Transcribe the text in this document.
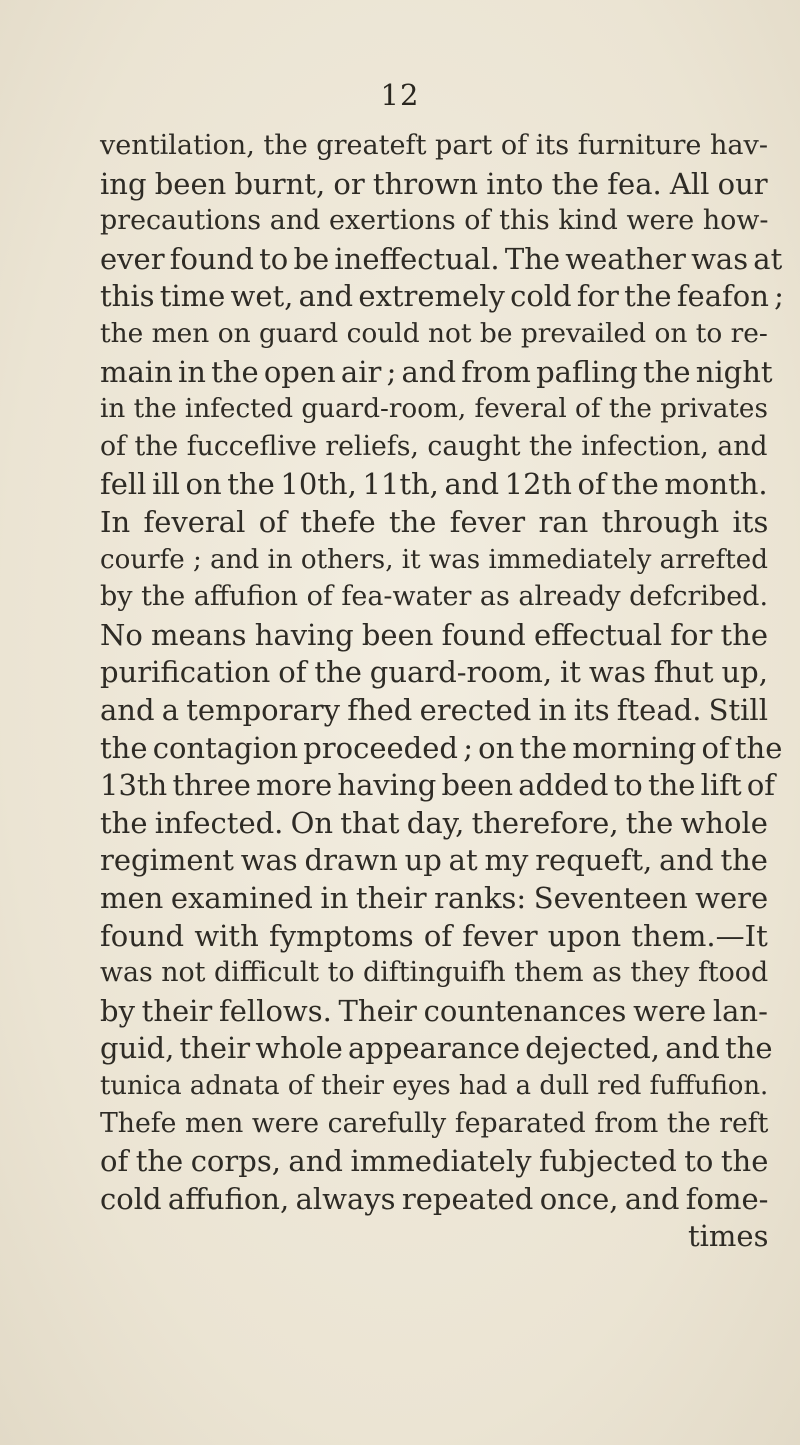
12
ventilation, the greateft part of its furniture hav-
ing been burnt, or thrown into the fea. All our
precautions and exertions of this kind were how-
ever found to be ineffectual. The weather was at
this time wet, and extremely cold for the feafon ;
the men on guard could not be prevailed on to re-
main in the open air ; and from pafling the night
in the infected guard-room, feveral of the privates
of the fucceflive reliefs, caught the infection, and
fell ill on the 10th, 11th, and 12th of the month.
In feveral of thefe the fever ran through its
courfe ; and in others, it was immediately arrefted
by the affufion of fea-water as already defcribed.
No means having been found effectual for the
purification of the guard-room, it was fhut up,
and a temporary fhed erected in its ftead. Still
the contagion proceeded ; on the morning of the
13th three more having been added to the lift of
the infected. On that day, therefore, the whole
regiment was drawn up at my requeft, and the
men examined in their ranks: Seventeen were
found with fymptoms of fever upon them.—It
was not difficult to diftinguifh them as they ftood
by their fellows. Their countenances were lan-
guid, their whole appearance dejected, and the
tunica adnata of their eyes had a dull red fuffufion.
Thefe men were carefully feparated from the reft
of the corps, and immediately fubjected to the
cold affufion, always repeated once, and fome-
times
